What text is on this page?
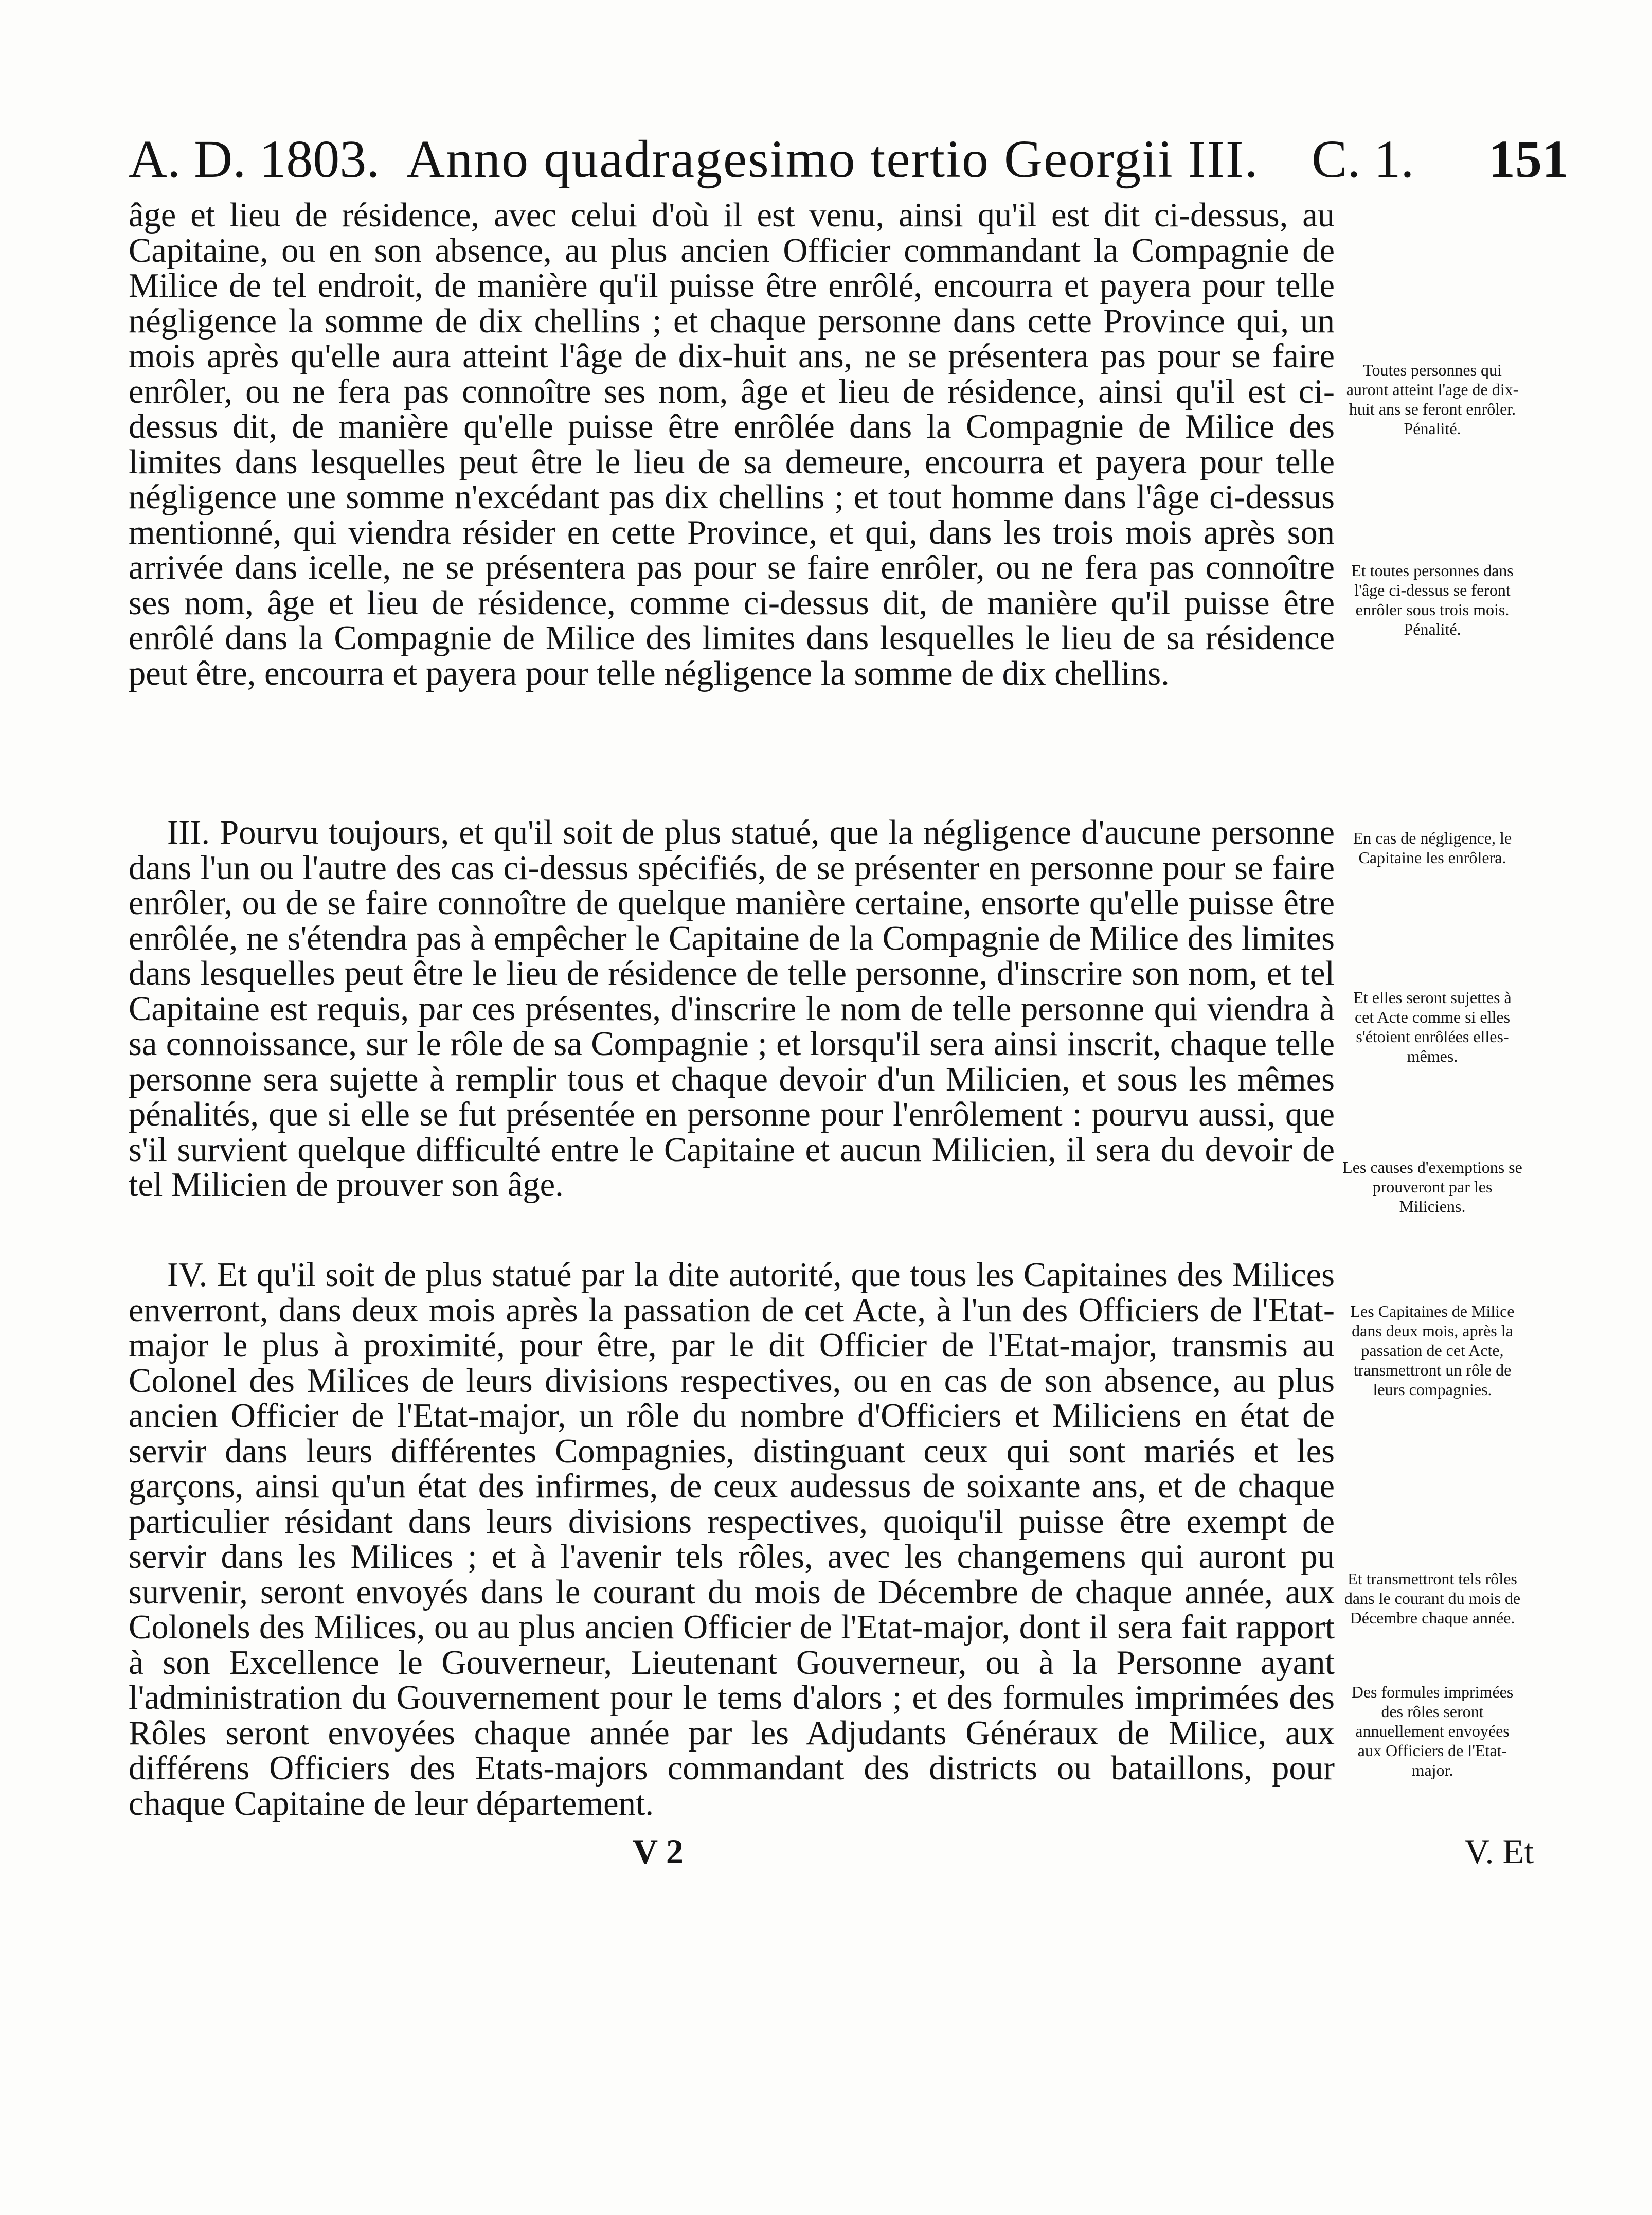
A. D. 1803. Anno quadragesimo tertio Georgii III. C. 1. 151

âge et lieu de résidence, avec celui d'où il est venu, ainsi qu'il est dit ci-dessus, au Capitaine, ou en son absence, au plus ancien Officier commandant la Compagnie de Milice de tel endroit, de manière qu'il puisse être enrôlé, encourra et payera pour telle négligence la somme de dix chellins ; et chaque personne dans cette Province qui, un mois après qu'elle aura atteint l'âge de dix-huit ans, ne se présentera pas pour se faire enrôler, ou ne fera pas connoître ses nom, âge et lieu de résidence, ainsi qu'il est ci-dessus dit, de manière qu'elle puisse être enrôlée dans la Compagnie de Milice des limites dans lesquelles peut être le lieu de sa demeure, encourra et payera pour telle négligence une somme n'excédant pas dix chellins ; et tout homme dans l'âge ci-dessus mentionné, qui viendra résider en cette Province, et qui, dans les trois mois après son arrivée dans icelle, ne se présentera pas pour se faire enrôler, ou ne fera pas connoître ses nom, âge et lieu de résidence, comme ci-dessus dit, de manière qu'il puisse être enrôlé dans la Compagnie de Milice des limites dans lesquelles le lieu de sa résidence peut être, encourra et payera pour telle négligence la somme de dix chellins.

III. Pourvu toujours, et qu'il soit de plus statué, que la négligence d'aucune personne dans l'un ou l'autre des cas ci-dessus spécifiés, de se présenter en personne pour se faire enrôler, ou de se faire connoître de quelque manière certaine, ensorte qu'elle puisse être enrôlée, ne s'étendra pas à empêcher le Capitaine de la Compagnie de Milice des limites dans lesquelles peut être le lieu de résidence de telle personne, d'inscrire son nom, et tel Capitaine est requis, par ces présentes, d'inscrire le nom de telle personne qui viendra à sa connoissance, sur le rôle de sa Compagnie ; et lorsqu'il sera ainsi inscrit, chaque telle personne sera sujette à remplir tous et chaque devoir d'un Milicien, et sous les mêmes pénalités, que si elle se fut présentée en personne pour l'enrôlement : pourvu aussi, que s'il survient quelque difficulté entre le Capitaine et aucun Milicien, il sera du devoir de tel Milicien de prouver son âge.

IV. Et qu'il soit de plus statué par la dite autorité, que tous les Capitaines des Milices enverront, dans deux mois après la passation de cet Acte, à l'un des Officiers de l'Etat-major le plus à proximité, pour être, par le dit Officier de l'Etat-major, transmis au Colonel des Milices de leurs divisions respectives, ou en cas de son absence, au plus ancien Officier de l'Etat-major, un rôle du nombre d'Officiers et Miliciens en état de servir dans leurs différentes Compagnies, distinguant ceux qui sont mariés et les garçons, ainsi qu'un état des infirmes, de ceux audessus de soixante ans, et de chaque particulier résidant dans leurs divisions respectives, quoiqu'il puisse être exempt de servir dans les Milices ; et à l'avenir tels rôles, avec les changemens qui auront pu survenir, seront envoyés dans le courant du mois de Décembre de chaque année, aux Colonels des Milices, ou au plus ancien Officier de l'Etat-major, dont il sera fait rapport à son Excellence le Gouverneur, Lieutenant Gouverneur, ou à la Personne ayant l'administration du Gouvernement pour le tems d'alors ; et des formules imprimées des Rôles seront envoyées chaque année par les Adjudants Généraux de Milice, aux différens Officiers des Etats-majors commandant des districts ou bataillons, pour chaque Capitaine de leur département.

Toutes personnes qui auront atteint l'age de dix-huit ans se feront enrôler.
Pénalité.
Et toutes personnes dans l'âge ci-dessus se feront enrôler sous trois mois.
Pénalité.
En cas de négligence, le Capitaine les enrôlera.
Et elles seront sujettes à cet Acte comme si elles s'étoient enrôlées elles-mêmes.
Les causes d'exemptions se prouveront par les Miliciens.
Les Capitaines de Milice dans deux mois, après la passation de cet Acte, transmettront un rôle de leurs compagnies.
Et transmettront tels rôles dans le courant du mois de Décembre chaque année.
Des formules imprimées des rôles seront annuellement envoyées aux Officiers de l'Etat-major.
V 2	V. Et
